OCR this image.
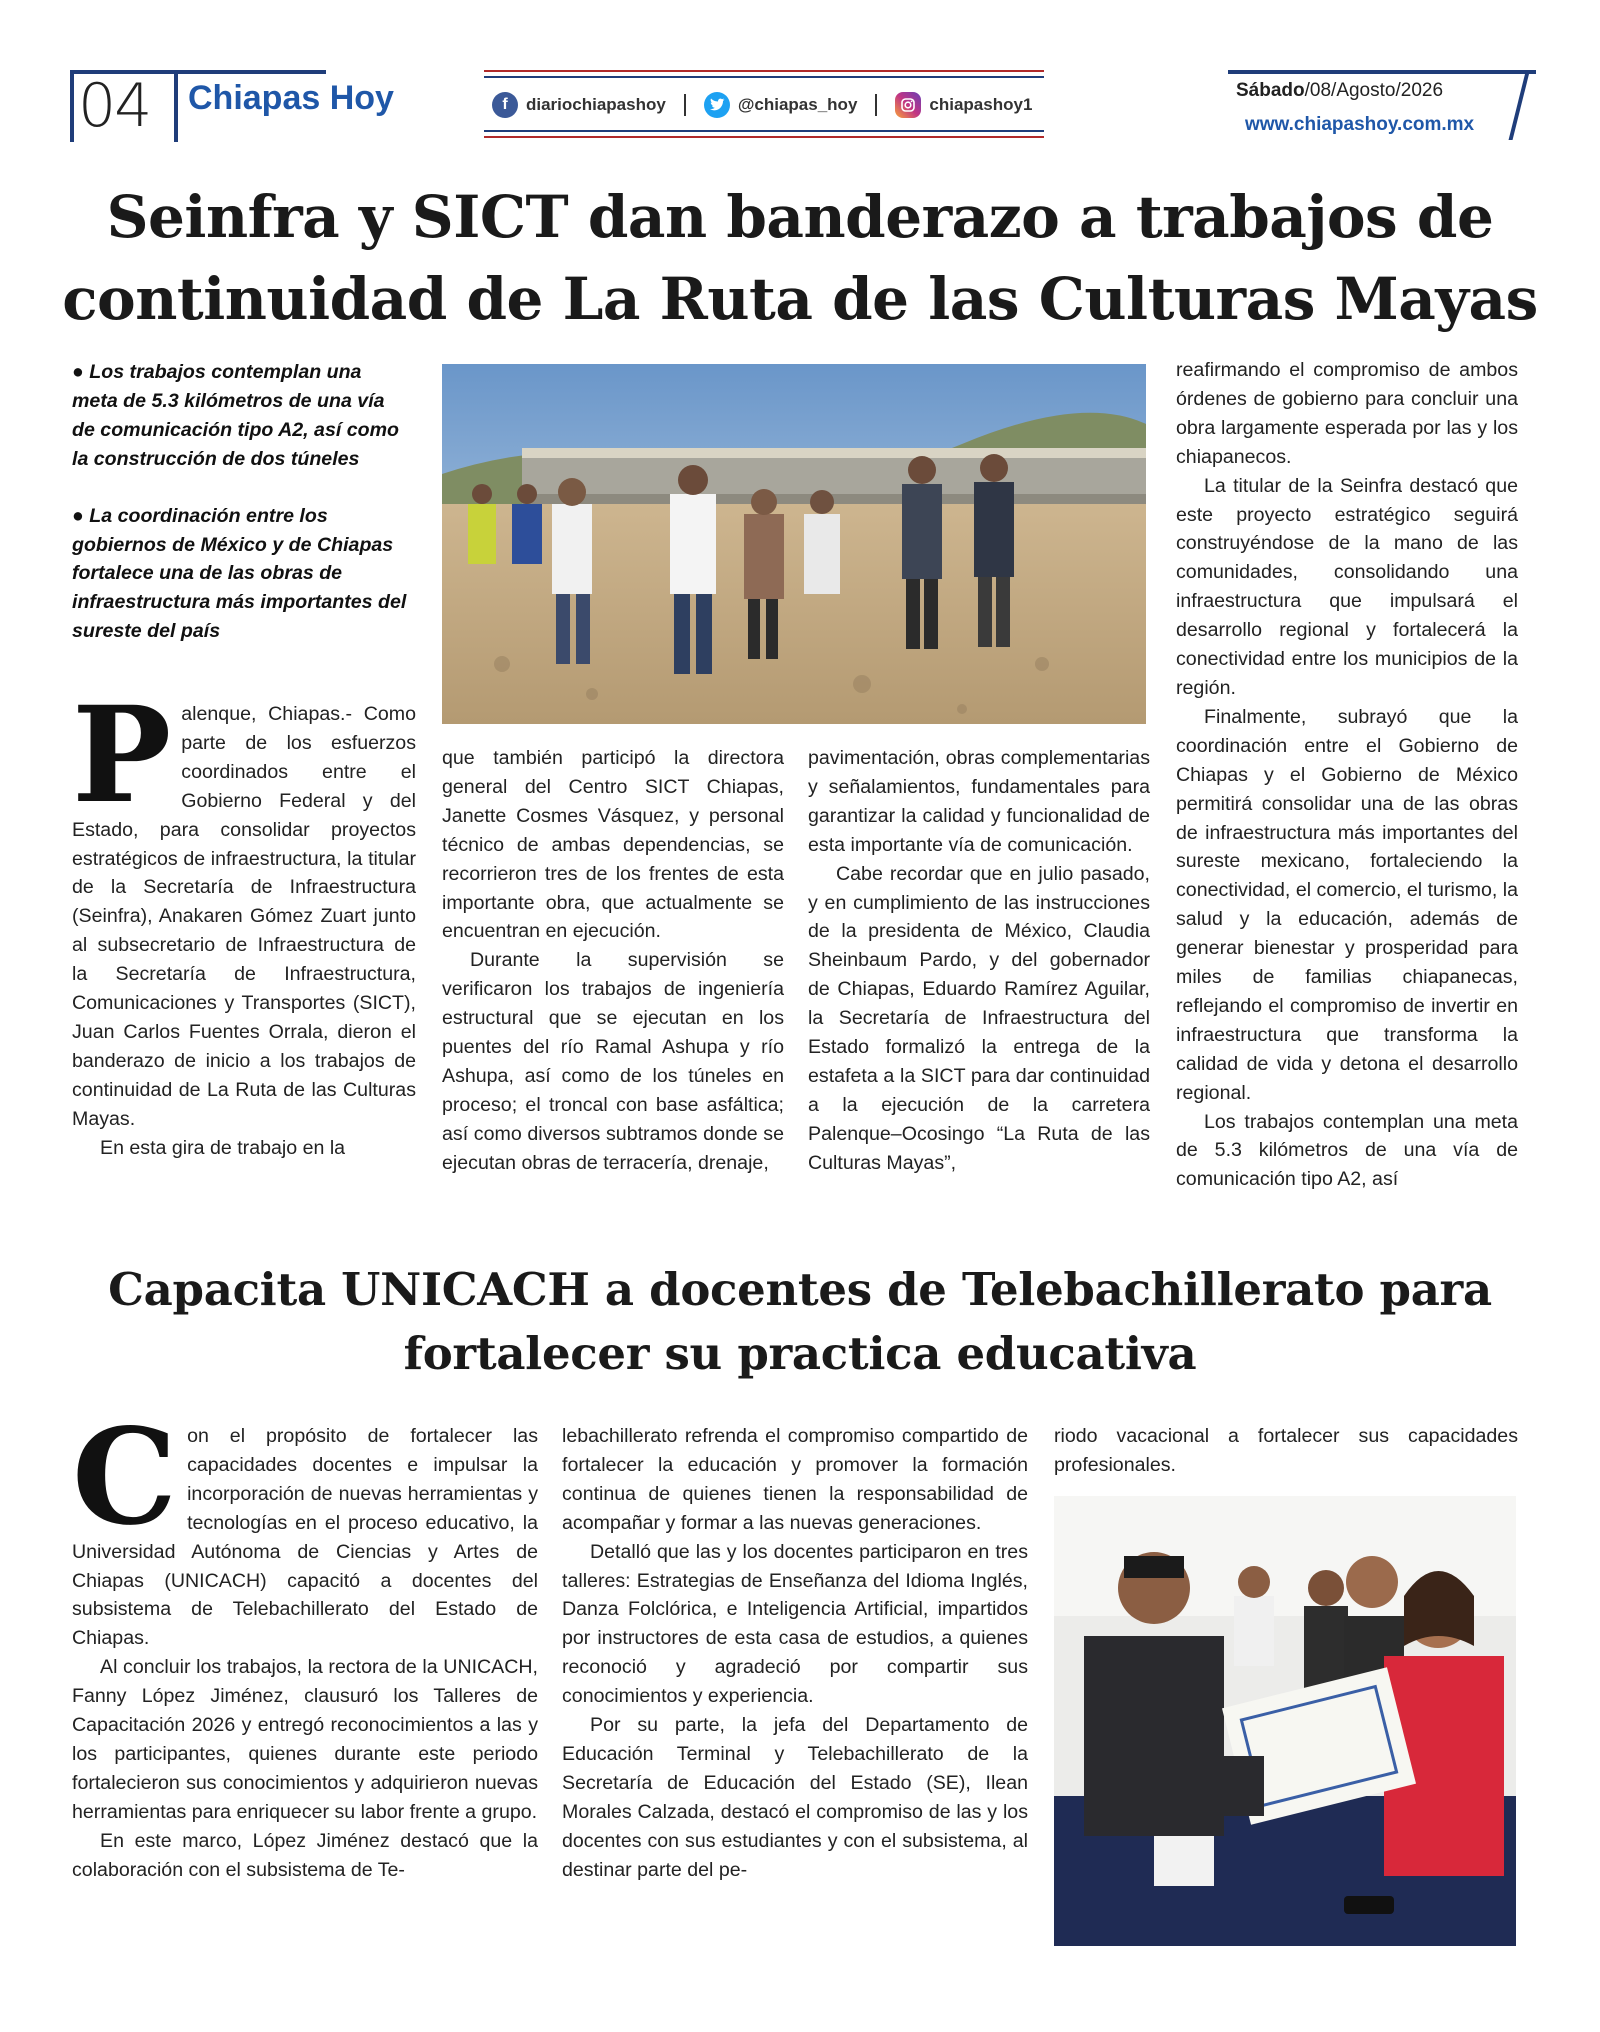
04 Chiapas Hoy	f	diariochiapashoy	@chiapas_hoy	chiapashoy1
Sábado/08/Agosto/2026
www.chiapashoy.com.mx
Seinfra y SICT dan banderazo a trabajos de
continuidad de La Ruta de las Culturas Mayas

● Los trabajos contemplan una meta de 5.3 kilómetros de una vía de comunicación tipo A2, así como la construcción de dos túneles

● La coordinación entre los gobiernos de México y de Chiapas fortalece una de las obras de infraestructura más importantes del sureste del país

P alenque, Chiapas.- Como parte de los esfuerzos coordinados entre el Gobierno Federal y del Estado, para consolidar proyectos estratégicos de infraestructura, la titular de la Secretaría de Infraestructura (Seinfra), Anakaren Gómez Zuart junto al subsecretario de Infraestructura de la Secretaría de Infraestructura, Comunicaciones y Transportes (SICT), Juan Carlos Fuentes Orrala, dieron el banderazo de inicio a los trabajos de continuidad de La Ruta de las Culturas Mayas.

En esta gira de trabajo en la

que también participó la directora general del Centro SICT Chiapas, Janette Cosmes Vásquez, y personal técnico de ambas dependencias, se recorrieron tres de los frentes de esta importante obra, que actualmente se encuentran en ejecución.

Durante la supervisión se verificaron los trabajos de ingeniería estructural que se ejecutan en los puentes del río Ramal Ashupa y río Ashupa, así como de los túneles en proceso; el troncal con base asfáltica; así como diversos subtramos donde se ejecutan obras de terracería, drenaje,

pavimentación, obras complementarias y señalamientos, fundamentales para garantizar la calidad y funcionalidad de esta importante vía de comunicación.

Cabe recordar que en julio pasado, y en cumplimiento de las instrucciones de la presidenta de México, Claudia Sheinbaum Pardo, y del gobernador de Chiapas, Eduardo Ramírez Aguilar, la Secretaría de Infraestructura del Estado formalizó la entrega de la estafeta a la SICT para dar continuidad a la ejecución de la carretera Palenque–Ocosingo “La Ruta de las Culturas Mayas”,

reafirmando el compromiso de ambos órdenes de gobierno para concluir una obra largamente esperada por las y los chiapanecos.

La titular de la Seinfra destacó que este proyecto estratégico seguirá construyéndose de la mano de las comunidades, consolidando una infraestructura que impulsará el desarrollo regional y fortalecerá la conectividad entre los municipios de la región.

Finalmente, subrayó que la coordinación entre el Gobierno de Chiapas y el Gobierno de México permitirá consolidar una de las obras de infraestructura más importantes del sureste mexicano, fortaleciendo la conectividad, el comercio, el turismo, la salud y la educación, además de generar bienestar y prosperidad para miles de familias chiapanecas, reflejando el compromiso de invertir en infraestructura que transforma la calidad de vida y detona el desarrollo regional.

Los trabajos contemplan una meta de 5.3 kilómetros de una vía de comunicación tipo A2, así

Capacita UNICACH a docentes de Telebachillerato para
fortalecer su practica educativa
C on el propósito de fortalecer las capacidades docentes e impulsar la incorporación de nuevas herramientas y tecnologías en el proceso educativo, la Universidad Autónoma de Ciencias y Artes de Chiapas (UNICACH) capacitó a docentes del subsistema de Telebachillerato del Estado de Chiapas.

Al concluir los trabajos, la rectora de la UNICACH, Fanny López Jiménez, clausuró los Talleres de Capacitación 2026 y entregó reconocimientos a las y los participantes, quienes durante este periodo fortalecieron sus conocimientos y adquirieron nuevas herramientas para enriquecer su labor frente a grupo.

En este marco, López Jiménez destacó que la colaboración con el subsistema de Te-

lebachillerato refrenda el compromiso compartido de fortalecer la educación y promover la formación continua de quienes tienen la responsabilidad de acompañar y formar a las nuevas generaciones.

Detalló que las y los docentes participaron en tres talleres: Estrategias de Enseñanza del Idioma Inglés, Danza Folclórica, e Inteligencia Artificial, impartidos por instructores de esta casa de estudios, a quienes reconoció y agradeció por compartir sus conocimientos y experiencia.

Por su parte, la jefa del Departamento de Educación Terminal y Telebachillerato de la Secretaría de Educación del Estado (SE), Ilean Morales Calzada, destacó el compromiso de las y los docentes con sus estudiantes y con el subsistema, al destinar parte del pe-

riodo vacacional a fortalecer sus capacidades profesionales.
